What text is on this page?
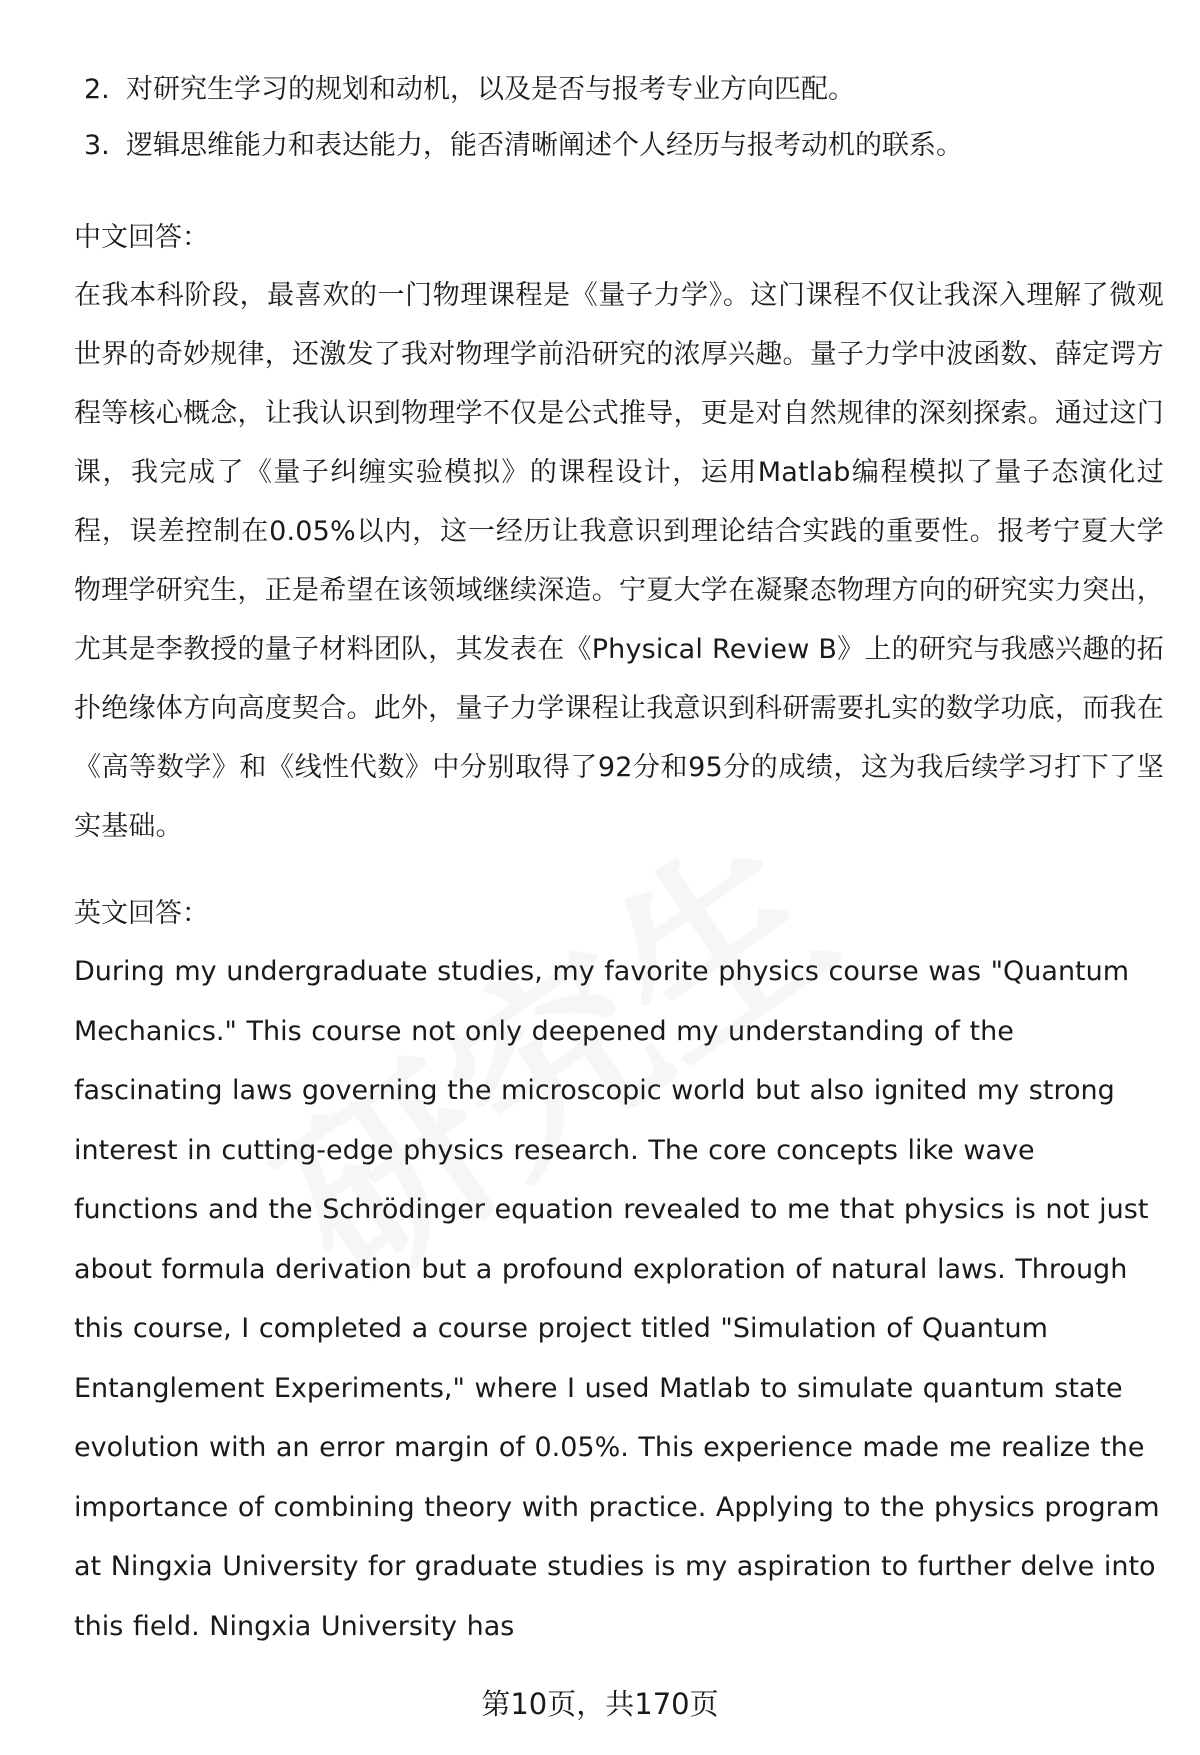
2. 对研究生学习的规划和动机，以及是否与报考专业方向匹配。
3. 逻辑思维能力和表达能力，能否清晰阐述个人经历与报考动机的联系。
中文回答：

在我本科阶段，最喜欢的一门物理课程是《量子力学》。这门课程不仅让我深入理解了微观世界的奇妙规律，还激发了我对物理学前沿研究的浓厚兴趣。量子力学中波函数、薛定谔方程等核心概念，让我认识到物理学不仅是公式推导，更是对自然规律的深刻探索。通过这门课，我完成了《量子纠缠实验模拟》的课程设计，运用Matlab编程模拟了量子态演化过程，误差控制在0.05%以内，这一经历让我意识到理论结合实践的重要性。报考宁夏大学物理学研究生，正是希望在该领域继续深造。宁夏大学在凝聚态物理方向的研究实力突出，尤其是李教授的量子材料团队，其发表在《Physical Review B》上的研究与我感兴趣的拓扑绝缘体方向高度契合。此外，量子力学课程让我意识到科研需要扎实的数学功底，而我在《高等数学》和《线性代数》中分别取得了92分和95分的成绩，这为我后续学习打下了坚实基础。

英文回答：

During my undergraduate studies, my favorite physics course was "Quantum Mechanics." This course not only deepened my understanding of the fascinating laws governing the microscopic world but also ignited my strong interest in cutting-edge physics research. The core concepts like wave functions and the Schrödinger equation revealed to me that physics is not just about formula derivation but a profound exploration of natural laws. Through this course, I completed a course project titled "Simulation of Quantum Entanglement Experiments," where I used Matlab to simulate quantum state evolution with an error margin of 0.05%. This experience made me realize the importance of combining theory with practice. Applying to the physics program at Ningxia University for graduate studies is my aspiration to further delve into this field. Ningxia University has

第10页，共170页
